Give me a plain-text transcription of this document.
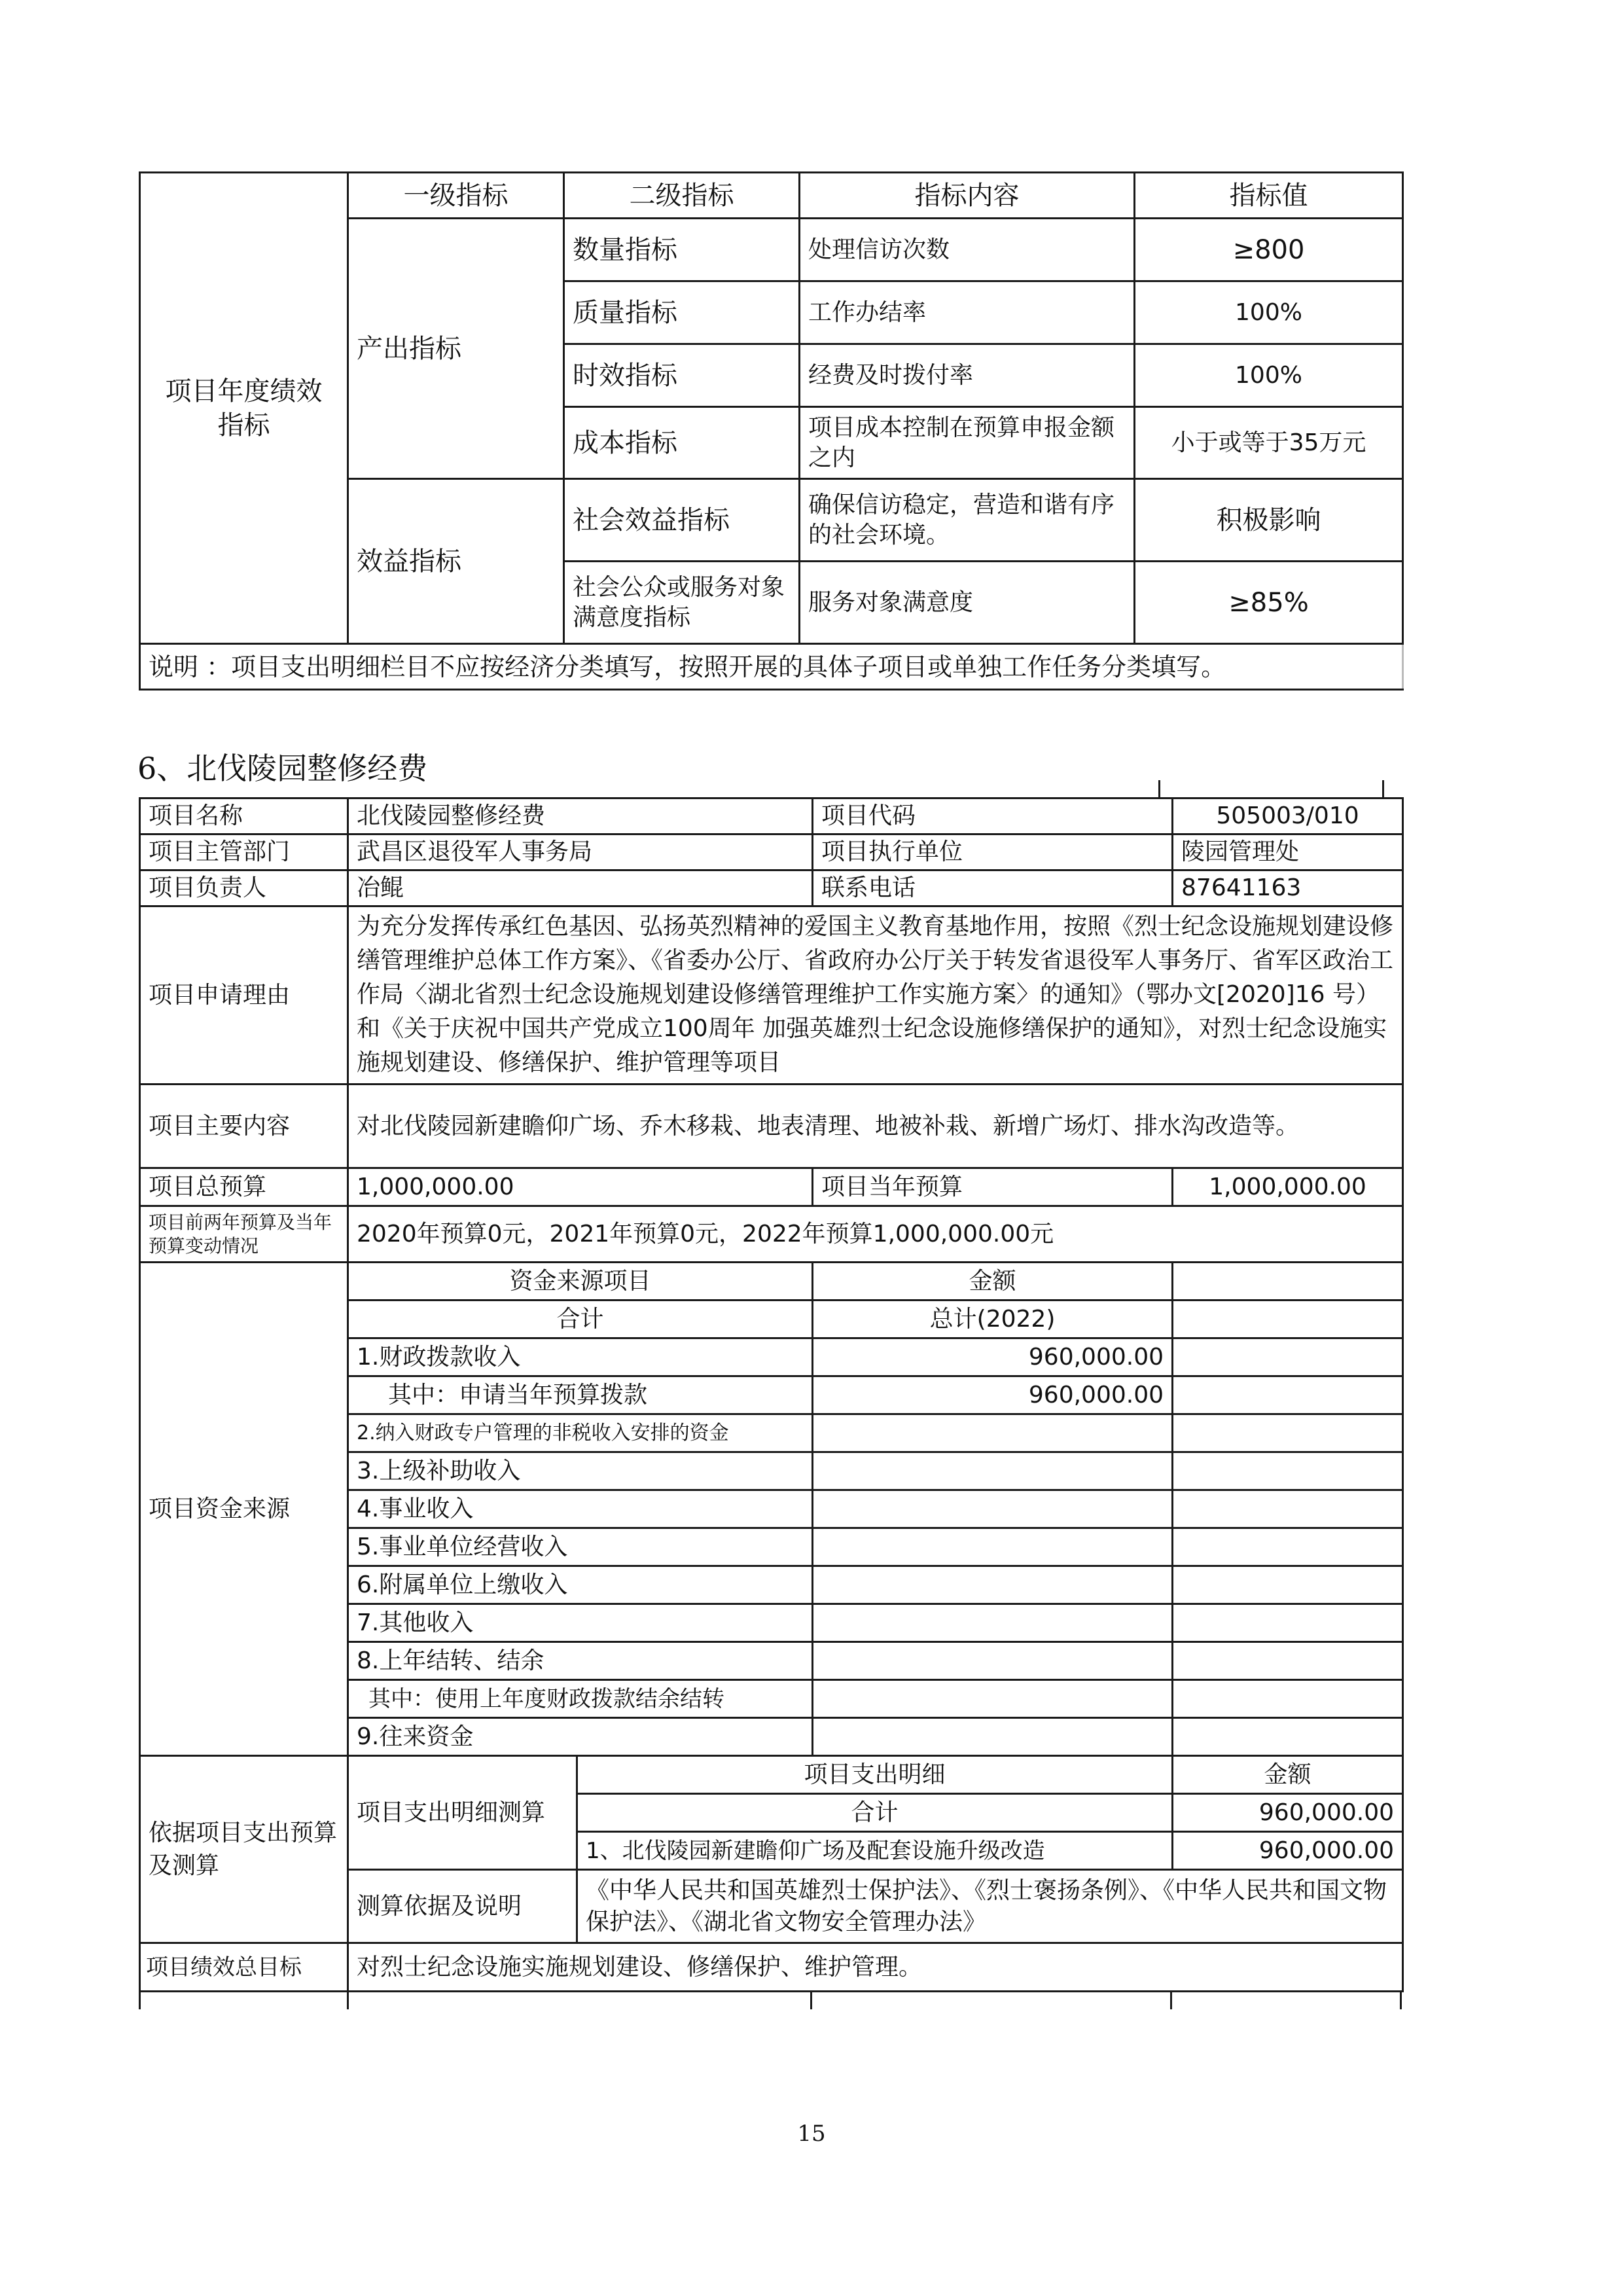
项目年度绩效指标	一级指标	二级指标	指标内容	指标值
	产出指标	数量指标	处理信访次数	≥800
		质量指标	工作办结率	100%
		时效指标	经费及时拨付率	100%
		成本指标	项目成本控制在预算申报金额之内	小于或等于35万元
	效益指标	社会效益指标	确保信访稳定，营造和谐有序的社会环境。	积极影响
		社会公众或服务对象满意度指标	服务对象满意度	≥85%
说明 ：项目支出明细栏目不应按经济分类填写，按照开展的具体子项目或单独工作任务分类填写。				
6、北伐陵园整修经费
项目名称	北伐陵园整修经费		项目代码	505003/010
项目主管部门	武昌区退役军人事务局		项目执行单位	陵园管理处
项目负责人	冶鲲		联系电话	87641163
项目申请理由	为充分发挥传承红色基因、弘扬英烈精神的爱国主义教育基地作用，按照《烈士纪念设施规划建设修缮管理维护总体工作方案》、《省委办公厅、省政府办公厅关于转发省退役军人事务厅、省军区政治工作局〈湖北省烈士纪念设施规划建设修缮管理维护工作实施方案〉的通知》（鄂办文[2020]16 号）和《关于庆祝中国共产党成立100周年 加强英雄烈士纪念设施修缮保护的通知》，对烈士纪念设施实施规划建设、修缮保护、维护管理等项目			
项目主要内容	对北伐陵园新建瞻仰广场、乔木移栽、地表清理、地被补栽、新增广场灯、排水沟改造等。			
项目总预算	1,000,000.00		项目当年预算	1,000,000.00
项目前两年预算及当年预算变动情况	2020年预算0元，2021年预算0元，2022年预算1,000,000.00元			
项目资金来源	资金来源项目		金额	
	合计		总计(2022)	
	1.财政拨款收入		960,000.00	
	其中：申请当年预算拨款		960,000.00	
	2.纳入财政专户管理的非税收入安排的资金			
	3.上级补助收入			
	4.事业收入			
	5.事业单位经营收入			
	6.附属单位上缴收入			
	7.其他收入			
	8.上年结转、结余			
	其中：使用上年度财政拨款结余结转			
	9.往来资金			
依据项目支出预算及测算	项目支出明细测算	项目支出明细		金额
		合计		960,000.00
		1、北伐陵园新建瞻仰广场及配套设施升级改造		960,000.00
	测算依据及说明	《中华人民共和国英雄烈士保护法》、《烈士褒扬条例》、《中华人民共和国文物保护法》、《湖北省文物安全管理办法》		
项目绩效总目标	对烈士纪念设施实施规划建设、修缮保护、维护管理。			
15
